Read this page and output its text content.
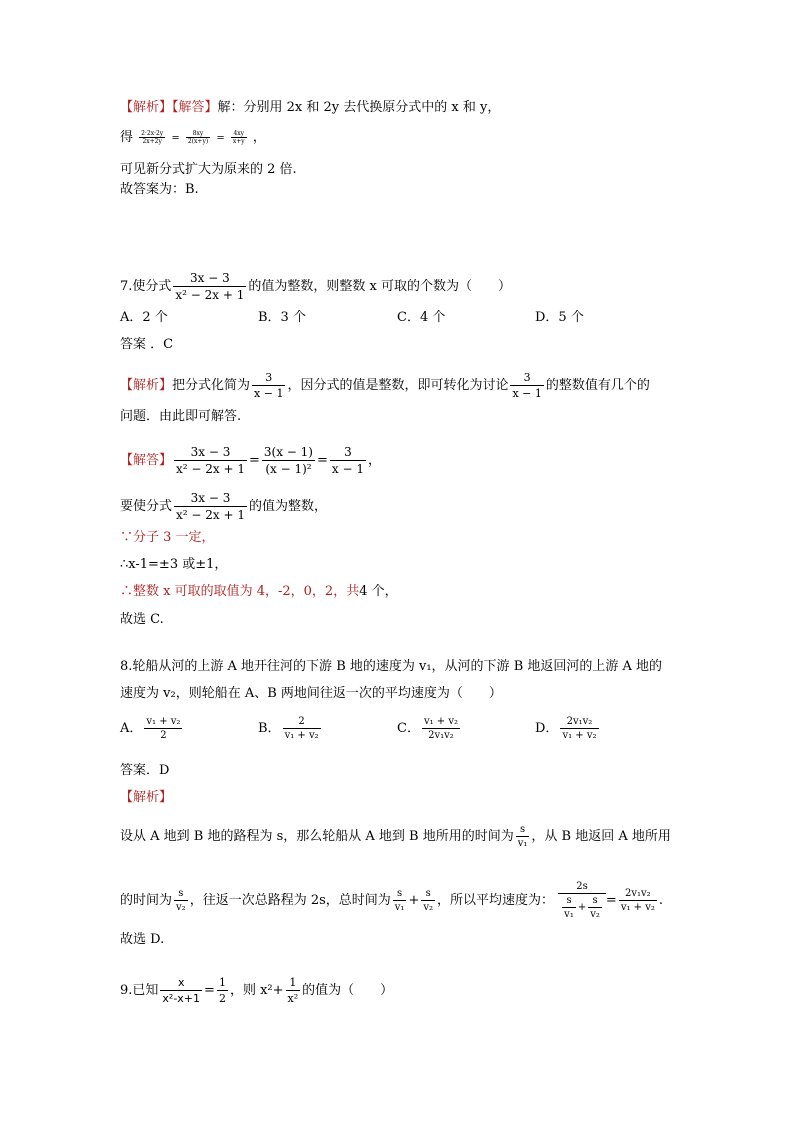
【解析】【解答】解：分别用 2x 和 2y 去代换原分式中的 x 和 y，
得 $\frac{2\cdot 2x\cdot 2y}{2x+2y} = \frac{8xy}{2(x+y)} = \frac{4xy}{x+y}$ ，
可见新分式扩大为原来的 2 倍.
故答案为：B.
7.使分式 $\frac{3x - 3}{\text{x² − 2x + 1}}$ 的值为整数，则整数 x 可取的个数为（　　）
A．2 个	B．3 个	C．4 个	D．5 个
答案 ．C
【解析】把分式化简为 $\frac{3}{x - 1}$ ，因分式的值是整数，即可转化为讨论 $\frac{3}{x - 1}$ 的整数值有几个的
问题．由此即可解答.
【解答】 $\frac{3x - 3}{\text{x² − 2x + 1}} = \frac{3(x - 1)}{\text{(x − 1)²}} = \frac{3}{x - 1}$ ，
要使分式 $\frac{3x - 3}{\text{x² − 2x + 1}}$ 的值为整数，
∵分子 3 一定，
∴x-1=±3 或±1，
∴整数 x 可取的取值为 4，-2，0，2，共4 个，
故选 C.
8.轮船从河的上游 A 地开往河的下游 B 地的速度为 v₁，从河的下游 B 地返回河的上游 A 地的
速度为 v₂，则轮船在 A、B 两地间往返一次的平均速度为（　　）
A． $\frac{\text{v₁ + v₂}}{2}$	B． $\frac{2}{\text{v₁ + v₂}}$	C． $\frac{\text{v₁ + v₂}}{\text{2v₁v₂}}$	D． $\frac{\text{2v₁v₂}}{\text{v₁ + v₂}}$
答案．D
【解析】
设从 A 地到 B 地的路程为 s，那么轮船从 A 地到 B 地所用的时间为 $\frac{s}{\text{v₁}}$ ，从 B 地返回 A 地所用
的时间为 $\frac{s}{\text{v₂}}$ ，往返一次总路程为 2s，总时间为 $\frac{s}{\text{v₁}} + \frac{s}{\text{v₂}}$ ，所以平均速度为： $\frac{2s}{\frac{s}{\text{v₁}} + \frac{s}{\text{v₂}}} = \frac{\text{2v₁v₂}}{\text{v₁ + v₂}}$ .
故选 D.
9.已知 $\frac{x}{\text{x²-x+1}} = \frac{1}{2}$ ，则 $x^2+ \frac{1}{\text{x²}}$ 的值为（　　）
